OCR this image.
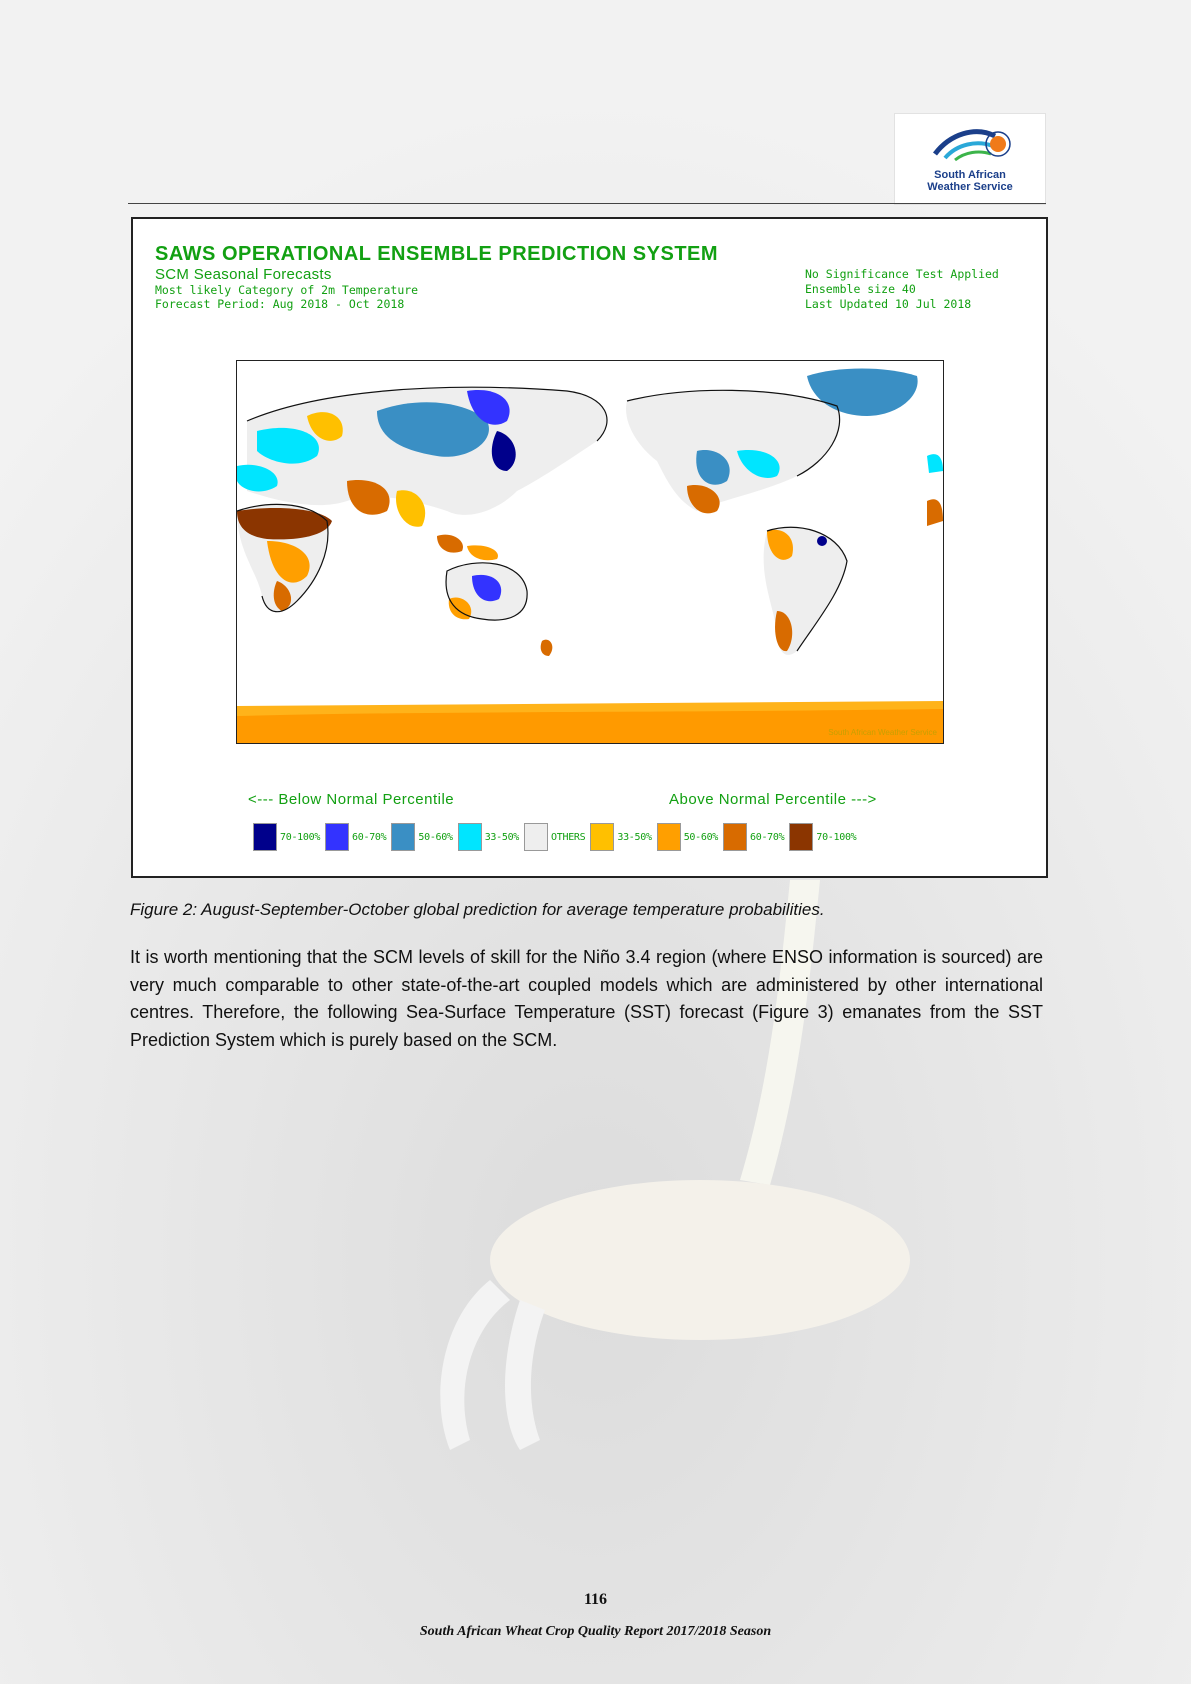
South African
Weather Service
SAWS OPERATIONAL ENSEMBLE PREDICTION SYSTEM
SCM Seasonal Forecasts
Most likely Category of 2m Temperature
Forecast Period: Aug 2018 - Oct 2018
No Significance Test Applied
Ensemble size 40
Last Updated 10 Jul 2018
South African Weather Service
<--- Below Normal Percentile	Above Normal Percentile --->
70-100%	60-70%	50-60%	33-50%	OTHERS	33-50%	50-60%	60-70%	70-100%
Figure 2: August-September-October global prediction for average temperature probabilities.
It is worth mentioning that the SCM levels of skill for the Niño 3.4 region (where ENSO information is sourced) are very much comparable to other state-of-the-art coupled models which are administered by other international centres. Therefore, the following Sea-Surface Temperature (SST) forecast (Figure 3) emanates from the SST Prediction System which is purely based on the SCM.
116
South African Wheat Crop Quality Report 2017/2018 Season
